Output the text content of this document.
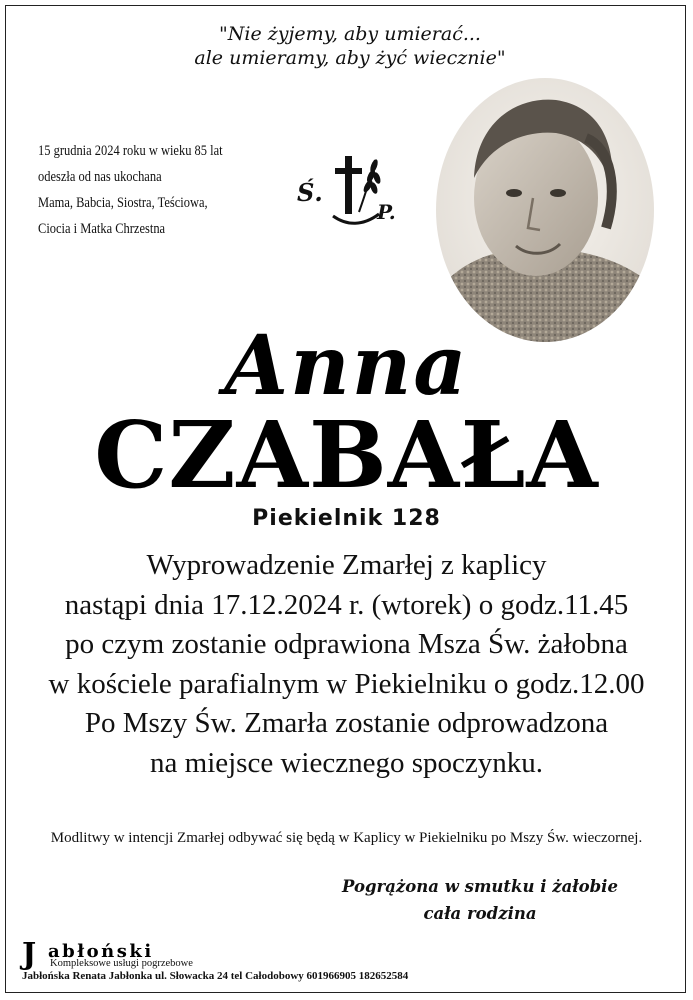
"Nie żyjemy, aby umierać...
ale umieramy, aby żyć wiecznie"
15 grudnia 2024 roku w wieku 85 lat
odeszła od nas ukochana
Mama, Babcia, Siostra, Teściowa,
Ciocia i Matka Chrzestna
Ś.
P.
Anna
CZABAŁA
Piekielnik 128
Wyprowadzenie Zmarłej z kaplicy
nastąpi dnia 17.12.2024 r. (wtorek) o godz.11.45
po czym zostanie odprawiona Msza Św. żałobna
w kościele parafialnym w Piekielniku o godz.12.00
Po Mszy Św. Zmarła zostanie odprowadzona
na miejsce wiecznego spoczynku.
Modlitwy w intencji Zmarłej odbywać się będą w Kaplicy w Piekielniku po Mszy Św. wieczornej.
Pogrążona w smutku i żałobie
cała rodzina
J abłoński
Kompleksowe usługi pogrzebowe
Jabłońska Renata Jabłonka ul. Słowacka 24 tel Całodobowy 601966905 182652584
